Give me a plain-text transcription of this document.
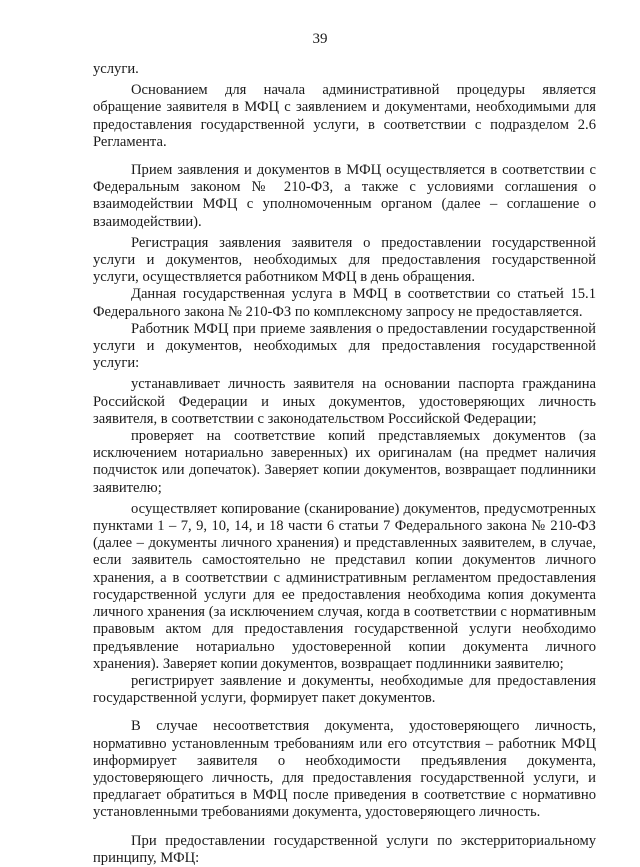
39

услуги.

Основанием для начала административной процедуры является обращение заявителя в МФЦ с заявлением и документами, необходимыми для предоставления государственной услуги, в соответствии с подразделом 2.6 Регламента.

Прием заявления и документов в МФЦ осуществляется в соответствии с Федеральным законом № 210-ФЗ, а также с условиями соглашения о взаимодействии МФЦ с уполномоченным органом (далее – соглашение о взаимодействии).

Регистрация заявления заявителя о предоставлении государственной услуги и документов, необходимых для предоставления государственной услуги, осуществляется работником МФЦ в день обращения.

Данная государственная услуга в МФЦ в соответствии со статьей 15.1 Федерального закона № 210-ФЗ по комплексному запросу не предоставляется.

Работник МФЦ при приеме заявления о предоставлении государственной услуги и документов, необходимых для предоставления государственной услуги:

устанавливает личность заявителя на основании паспорта гражданина Российской Федерации и иных документов, удостоверяющих личность заявителя, в соответствии с законодательством Российской Федерации;

проверяет на соответствие копий представляемых документов (за исключением нотариально заверенных) их оригиналам (на предмет наличия подчисток или допечаток). Заверяет копии документов, возвращает подлинники заявителю;

осуществляет копирование (сканирование) документов, предусмотренных пунктами 1 – 7, 9, 10, 14, и 18 части 6 статьи 7 Федерального закона № 210-ФЗ (далее – документы личного хранения) и представленных заявителем, в случае, если заявитель самостоятельно не представил копии документов личного хранения, а в соответствии с административным регламентом предоставления государственной услуги для ее предоставления необходима копия документа личного хранения (за исключением случая, когда в соответствии с нормативным правовым актом для предоставления государственной услуги необходимо предъявление нотариально удостоверенной копии документа личного хранения). Заверяет копии документов, возвращает подлинники заявителю;

регистрирует заявление и документы, необходимые для предоставления государственной услуги, формирует пакет документов.

В случае несоответствия документа, удостоверяющего личность, нормативно установленным требованиям или его отсутствия – работник МФЦ информирует заявителя о необходимости предъявления документа, удостоверяющего личность, для предоставления государственной услуги, и предлагает обратиться в МФЦ после приведения в соответствие с нормативно установленными требованиями документа, удостоверяющего личность.

При предоставлении государственной услуги по экстерриториальному принципу, МФЦ:
